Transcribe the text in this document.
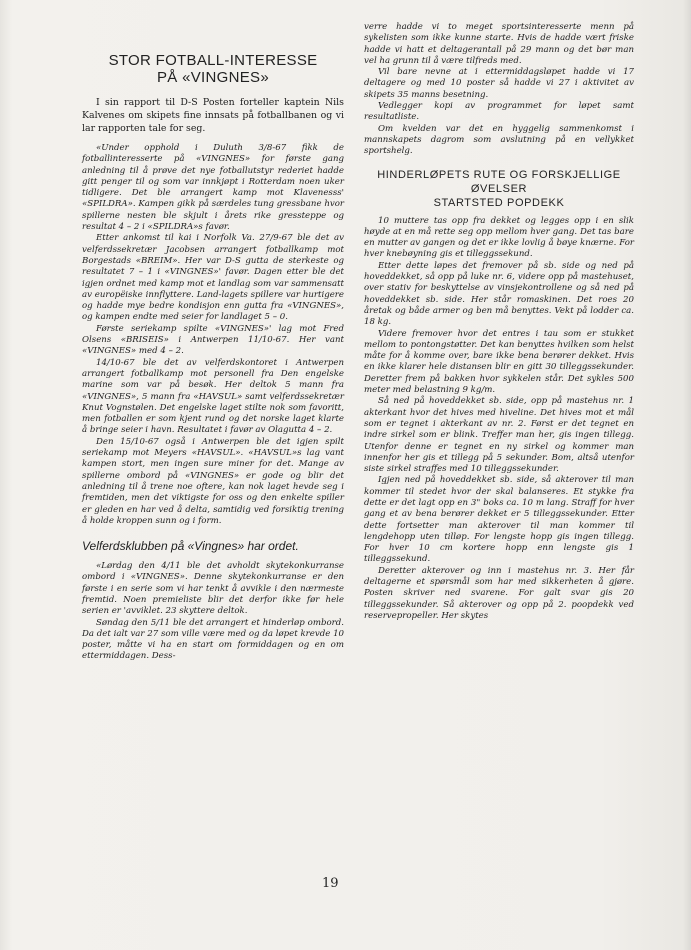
STOR FOTBALL-INTERESSE
PÅ «VINGNES»

I sin rapport til D-S Posten forteller kaptein Nils Kalvenes om skipets fine innsats på fotballbanen og vi lar rapporten tale for seg.

«Under opphold i Duluth 3/8-67 fikk de fotballinteresserte på «VINGNES» for første gang anledning til å prøve det nye fotballutstyr rederiet hadde gitt penger til og som var innkjøpt i Rotterdam noen uker tidligere. Det ble arrangert kamp mot Klavenesss' «SPILDRA». Kampen gikk på særdeles tung gressbane hvor spillerne nesten ble skjult i årets rike gressteppe og resultat 4 – 2 i «SPILDRA»s favør.

Etter ankomst til kai i Norfolk Va. 27/9-67 ble det av velferdssekretær Jacobsen arrangert fotballkamp mot Borgestads «BREIM». Her var D-S gutta de sterkeste og resultatet 7 – 1 i «VINGNES»' favør. Dagen etter ble det igjen ordnet med kamp mot et landlag som var sammensatt av europëiske innflyttere. Land-lagets spillere var hurtigere og hadde mye bedre kondisjon enn gutta fra «VINGNES», og kampen endte med seier for landlaget 5 – 0.

Første seriekamp spilte «VINGNES»' lag mot Fred Olsens «BRISEIS» i Antwerpen 11/10-67. Her vant «VINGNES» med 4 – 2.

14/10-67 ble det av velferdskontoret i Antwerpen arrangert fotballkamp mot personell fra Den engelske marine som var på besøk. Her deltok 5 mann fra «VINGNES», 5 mann fra «HAVSUL» samt velferdssekretær Knut Vognstølen. Det engelske laget stilte nok som favoritt, men fotballen er som kjent rund og det norske laget klarte å bringe seier i havn. Resultatet i favør av Olagutta 4 – 2.

Den 15/10-67 også i Antwerpen ble det igjen spilt seriekamp mot Meyers «HAVSUL». «HAVSUL»s lag vant kampen stort, men ingen sure miner for det. Mange av spillerne ombord på «VINGNES» er gode og blir det anledning til å trene noe oftere, kan nok laget hevde seg i fremtiden, men det viktigste for oss og den enkelte spiller er gleden en har ved å delta, samtidig ved forsiktig trening å holde kroppen sunn og i form.

Velferdsklubben på «Vingnes» har ordet.

«Lørdag den 4/11 ble det avholdt skytekonkurranse ombord i «VINGNES». Denne skytekonkurranse er den første i en serie som vi har tenkt å avvikle i den nærmeste fremtid. Noen premieliste blir det derfor ikke før hele serien er 'avviklet. 23 skyttere deltok.

Søndag den 5/11 ble det arrangert et hinderløp ombord. Da det ialt var 27 som ville være med og da løpet krevde 10 poster, måtte vi ha en start om formiddagen og en om ettermiddagen. Dess-

verre hadde vi to meget sportsinteresserte menn på sykelisten som ikke kunne starte. Hvis de hadde vært friske hadde vi hatt et deltagerantall på 29 mann og det bør man vel ha grunn til å være tilfreds med.

Vil bare nevne at i ettermiddagsløpet hadde vi 17 deltagere og med 10 poster så hadde vi 27 i aktivitet av skipets 35 manns besetning.

Vedlegger kopi av programmet for løpet samt resultatliste.

Om kvelden var det en hyggelig sammenkomst i mannskapets dagrom som avslutning på en vellykket sportshelg.

HINDERLØPETS RUTE OG FORSKJELLIGE
ØVELSER
STARTSTED POPDEKK

10 muttere tas opp fra dekket og legges opp i en slik høyde at en må rette seg opp mellom hver gang. Det tas bare en mutter av gangen og det er ikke lovlig å bøye knærne. For hver knebøyning gis et tilleggssekund.

Etter dette løpes det fremover på sb. side og ned på hoveddekket, så opp på luke nr. 6, videre opp på mastehuset, over stativ for beskyttelse av vinsjekontrollene og så ned på hoveddekket sb. side. Her står romaskinen. Det roes 20 åretak og både armer og ben må benyttes. Vekt på lodder ca. 18 kg.

Videre fremover hvor det entres i tau som er stukket mellom to pontongstøtter. Det kan benyttes hvilken som helst måte for å komme over, bare ikke bena berører dekket. Hvis en ikke klarer hele distansen blir en gitt 30 tilleggssekunder. Deretter frem på bakken hvor sykkelen står. Det sykles 500 meter med belastning 9 kg/m.

Så ned på hoveddekket sb. side, opp på mastehus nr. 1 akterkant hvor det hives med hiveline. Det hives mot et mål som er tegnet i akterkant av nr. 2. Først er det tegnet en indre sirkel som er blink. Treffer man her, gis ingen tillegg. Utenfor denne er tegnet en ny sirkel og kommer man innenfor her gis et tillegg på 5 sekunder. Bom, altså utenfor siste sirkel straffes med 10 tilleggssekunder.

Igjen ned på hoveddekket sb. side, så akterover til man kommer til stedet hvor der skal balanseres. Et stykke fra dette er det lagt opp en 3" boks ca. 10 m lang. Straff for hver gang et av bena berører dekket er 5 tilleggssekunder. Etter dette fortsetter man akterover til man kommer til lengdehopp uten tilløp. For lengste hopp gis ingen tillegg. For hver 10 cm kortere hopp enn lengste gis 1 tilleggssekund.

Deretter akterover og inn i mastehus nr. 3. Her får deltagerne et spørsmål som har med sikkerheten å gjøre. Posten skriver ned svarene. For galt svar gis 20 tilleggssekunder. Så akterover og opp på 2. poopdekk ved reservepropeller. Her skytes

19
